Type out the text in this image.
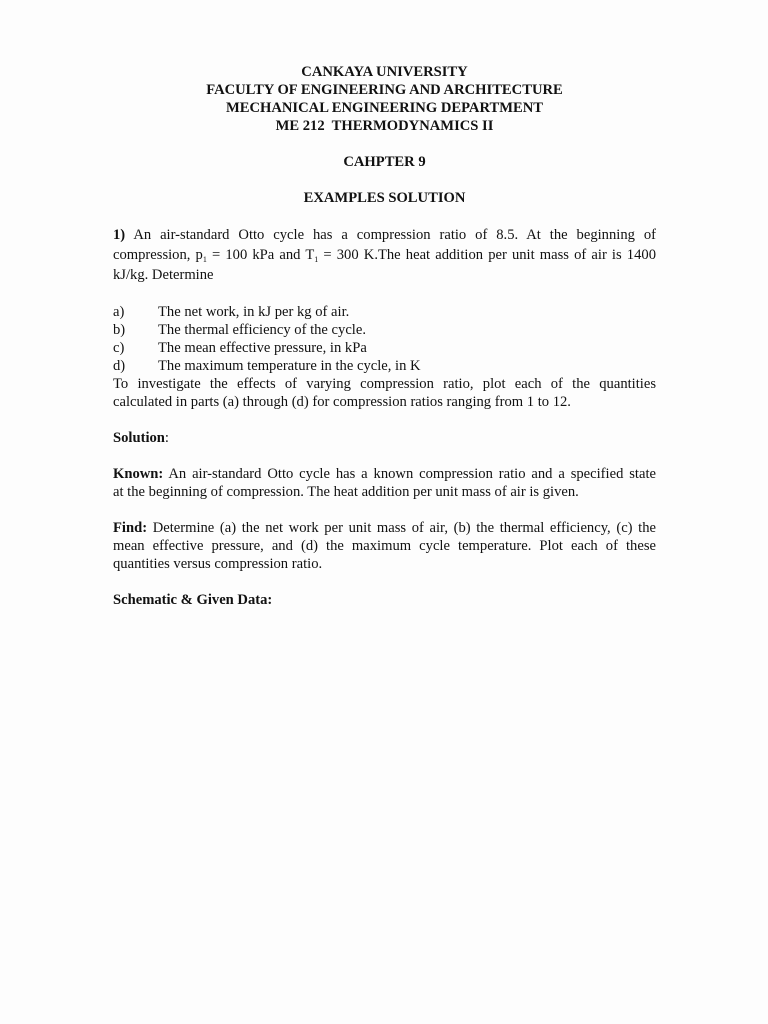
CANKAYA UNIVERSITY
FACULTY OF ENGINEERING AND ARCHITECTURE
MECHANICAL ENGINEERING DEPARTMENT
ME 212  THERMODYNAMICS II
CAHPTER 9
EXAMPLES SOLUTION
1) An air-standard Otto cycle has a compression ratio of 8.5. At the beginning of
compression, $p_1 = 100$ kPa and $T_1 = 300$ K.The heat addition per unit mass of air is 1400
kJ/kg. Determine
a) The net work, in kJ per kg of air.
b) The thermal efficiency of the cycle.
c) The mean effective pressure, in kPa
d) The maximum temperature in the cycle, in K
To investigate the effects of varying compression ratio, plot each of the quantities
calculated in parts (a) through (d) for compression ratios ranging from 1 to 12.
Solution:
Known: An air-standard Otto cycle has a known compression ratio and a specified state
at the beginning of compression. The heat addition per unit mass of air is given.
Find: Determine (a) the net work per unit mass of air, (b) the thermal efficiency, (c) the
mean effective pressure, and (d) the maximum cycle temperature. Plot each of these
quantities versus compression ratio.
Schematic & Given Data:
